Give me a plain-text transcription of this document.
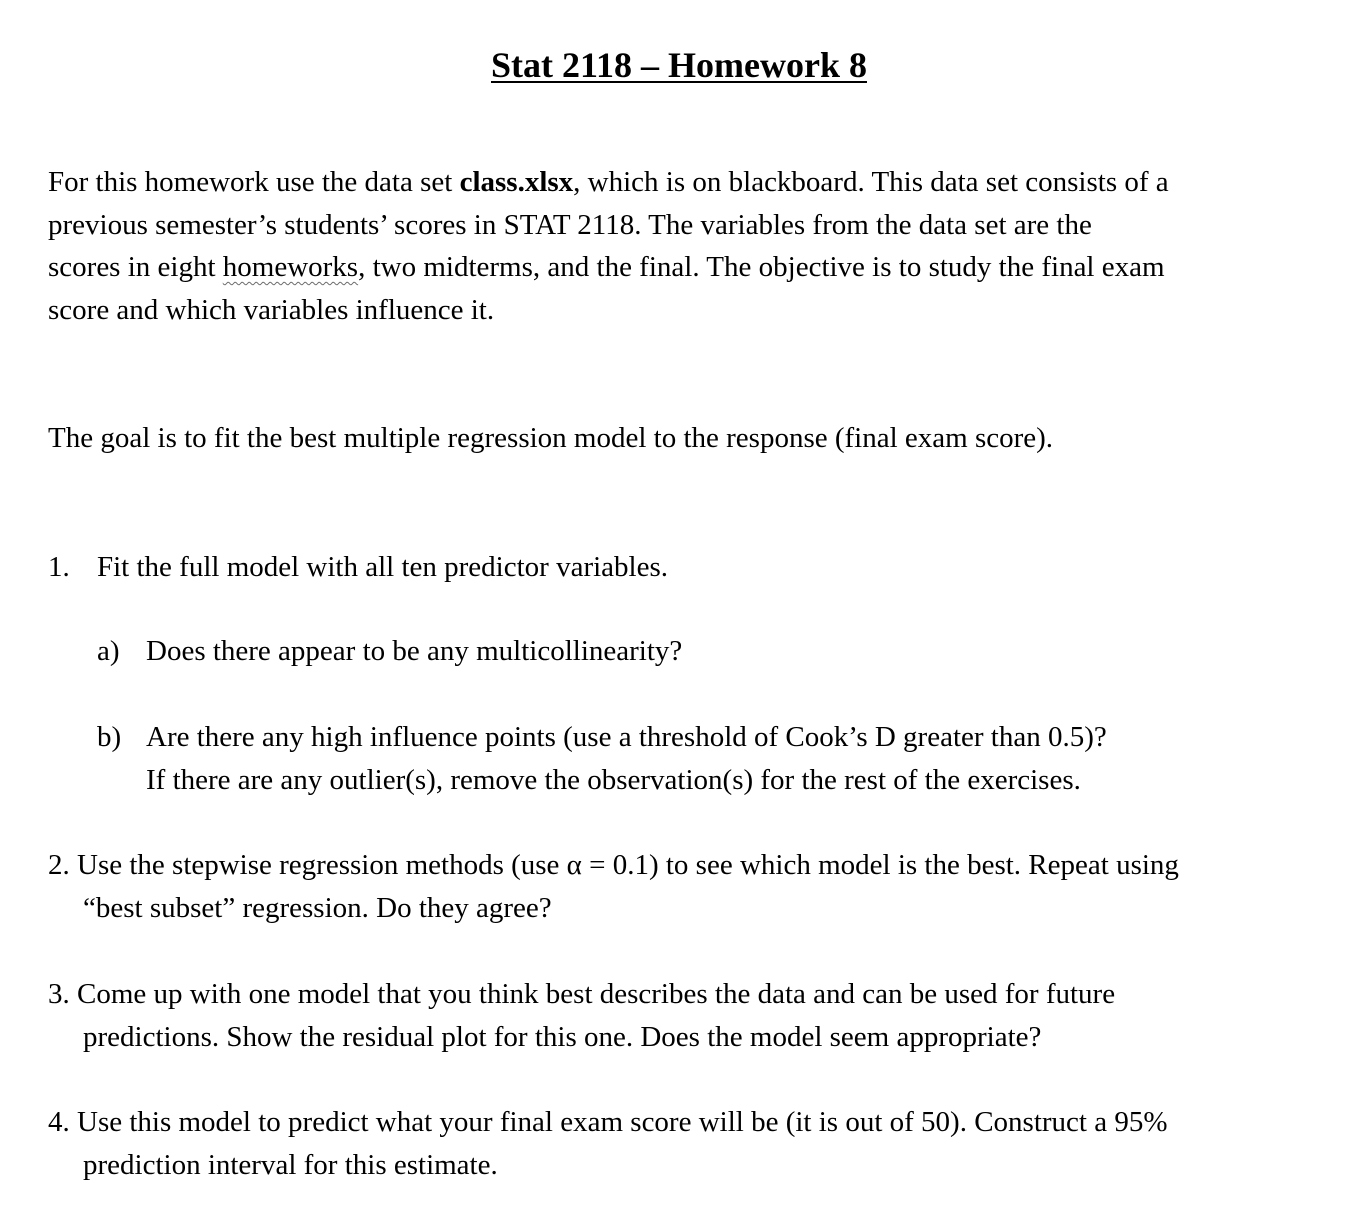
Stat 2118 – Homework 8
For this homework use the data set class.xlsx, which is on blackboard. This data set consists of a
previous semester’s students’ scores in STAT 2118. The variables from the data set are the
scores in eight homeworks, two midterms, and the final. The objective is to study the final exam
score and which variables influence it.
The goal is to fit the best multiple regression model to the response (final exam score).
1. Fit the full model with all ten predictor variables.
a) Does there appear to be any multicollinearity?
b) Are there any high influence points (use a threshold of Cook’s D greater than 0.5)?
If there are any outlier(s), remove the observation(s) for the rest of the exercises.
2. Use the stepwise regression methods (use α = 0.1) to see which model is the best. Repeat using
“best subset” regression. Do they agree?
3. Come up with one model that you think best describes the data and can be used for future
predictions. Show the residual plot for this one. Does the model seem appropriate?
4. Use this model to predict what your final exam score will be (it is out of 50). Construct a 95%
prediction interval for this estimate.
